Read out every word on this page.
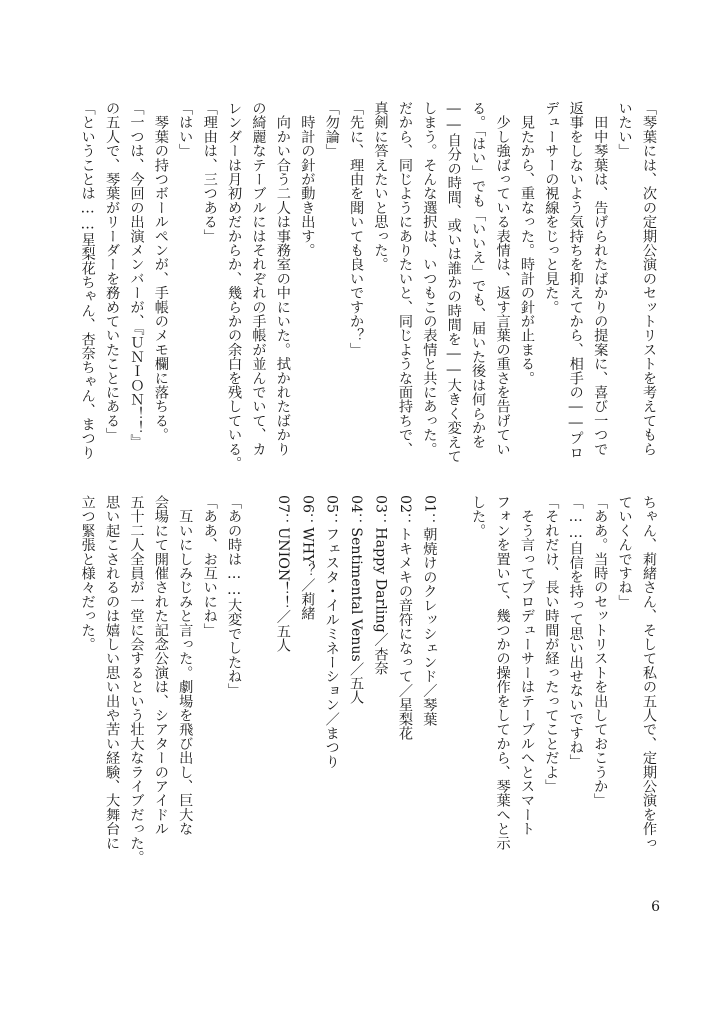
「琴葉には、次の定期公演のセットリストを考えてもら
いたい」
　田中琴葉は、告げられたばかりの提案に、喜び一つで
返事をしないよう気持ちを抑えてから、相手の――プロ
デューサーの視線をじっと見た。
　見たから、重なった。時計の針が止まる。
　少し強ばっている表情は、返す言葉の重さを告げてい
る。「はい」でも「いいえ」でも、届いた後は何らかを
――自分の時間、或いは誰かの時間を――大きく変えて
しまう。そんな選択は、いつもこの表情と共にあった。
だから、同じようにありたいと、同じような面持ちで、
真剣に答えたいと思った。
「先に、理由を聞いても良いですか？」
「勿論」
　時計の針が動き出す。
　向かい合う二人は事務室の中にいた。拭かれたばかり
の綺麗なテーブルにはそれぞれの手帳が並んでいて、カ
レンダーは月初めだからか、幾らかの余白を残している。
「理由は、三つある」
「はい」
　琴葉の持つボールペンが、手帳のメモ欄に落ちる。
「一つは、今回の出演メンバーが、『ＵＮＩＯＮ！！』
の五人で、琴葉がリーダーを務めていたことにある」
「ということは……星梨花ちゃん、杏奈ちゃん、まつり
ちゃん、莉緒さん、そして私の五人で、定期公演を作っ
ていくんですね」
「ああ。当時のセットリストを出しておこうか」
「……自信を持って思い出せないですね」
「それだけ、長い時間が経ったってことだよ」
　そう言ってプロデューサーはテーブルへとスマート
フォンを置いて、幾つかの操作をしてから、琴葉へと示
した。

01：朝焼けのクレッシェンド／琴葉
02：トキメキの音符になって／星梨花
03：Happy Darling／杏奈
04：Sentimental Venus／五人
05：フェスタ・イルミネーション／まつり
06：WHY？／莉緒
07：UNION！！／五人

「あの時は……大変でしたね」
「ああ、お互いにね」
　互いにしみじみと言った。劇場を飛び出し、巨大な
会場にて開催された記念公演は、シアターのアイドル
五十二人全員が一堂に会するという壮大なライブだった。
思い起こされるのは嬉しい思い出や苦い経験、大舞台に
立つ緊張と様々だった。
6
